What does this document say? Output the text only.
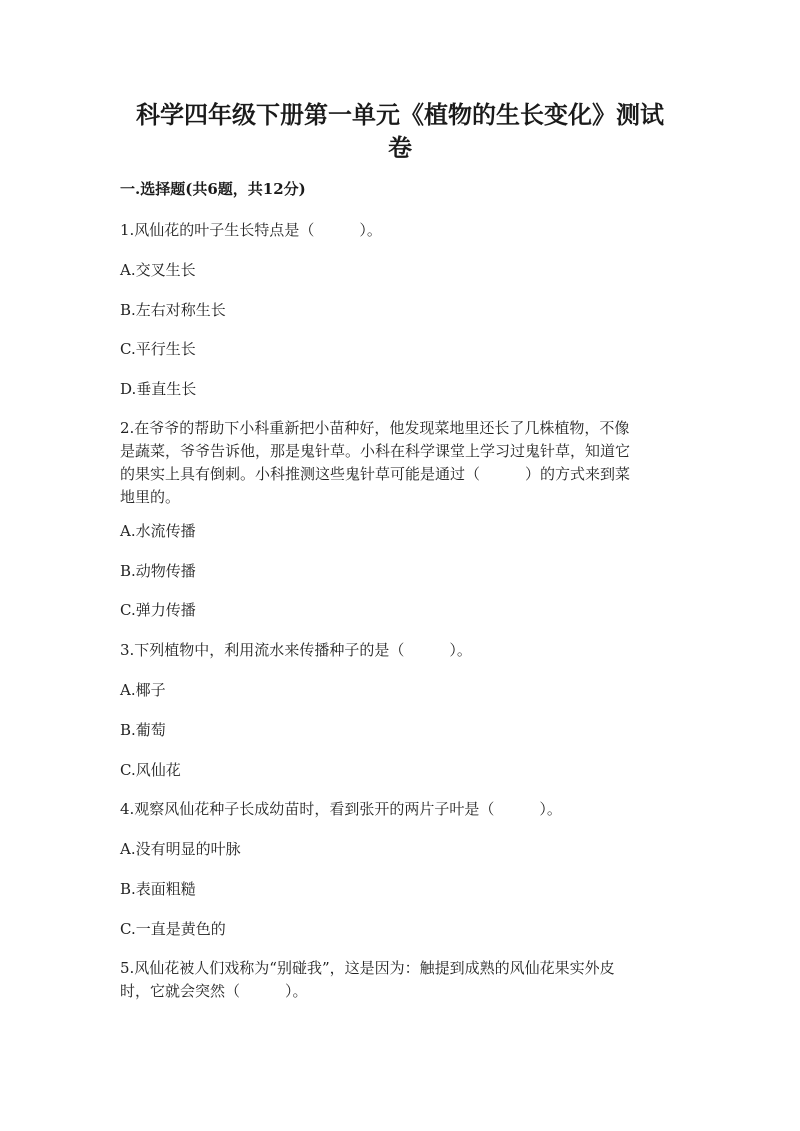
科学四年级下册第一单元《植物的生长变化》测试
卷
一.选择题(共6题，共12分)
1.风仙花的叶子生长特点是（　　　）。
A.交叉生长
B.左右对称生长
C.平行生长
D.垂直生长
2.在爷爷的帮助下小科重新把小苗种好，他发现菜地里还长了几株植物，不像
是蔬菜，爷爷告诉他，那是鬼针草。小科在科学课堂上学习过鬼针草，知道它
的果实上具有倒刺。小科推测这些鬼针草可能是通过（　　　）的方式来到菜
地里的。
A.水流传播
B.动物传播
C.弹力传播
3.下列植物中，利用流水来传播种子的是（　　　）。
A.椰子
B.葡萄
C.风仙花
4.观察风仙花种子长成幼苗时，看到张开的两片子叶是（　　　）。
A.没有明显的叶脉
B.表面粗糙
C.一直是黄色的
5.风仙花被人们戏称为“别碰我”，这是因为：触提到成熟的风仙花果实外皮
时，它就会突然（　　　）。
